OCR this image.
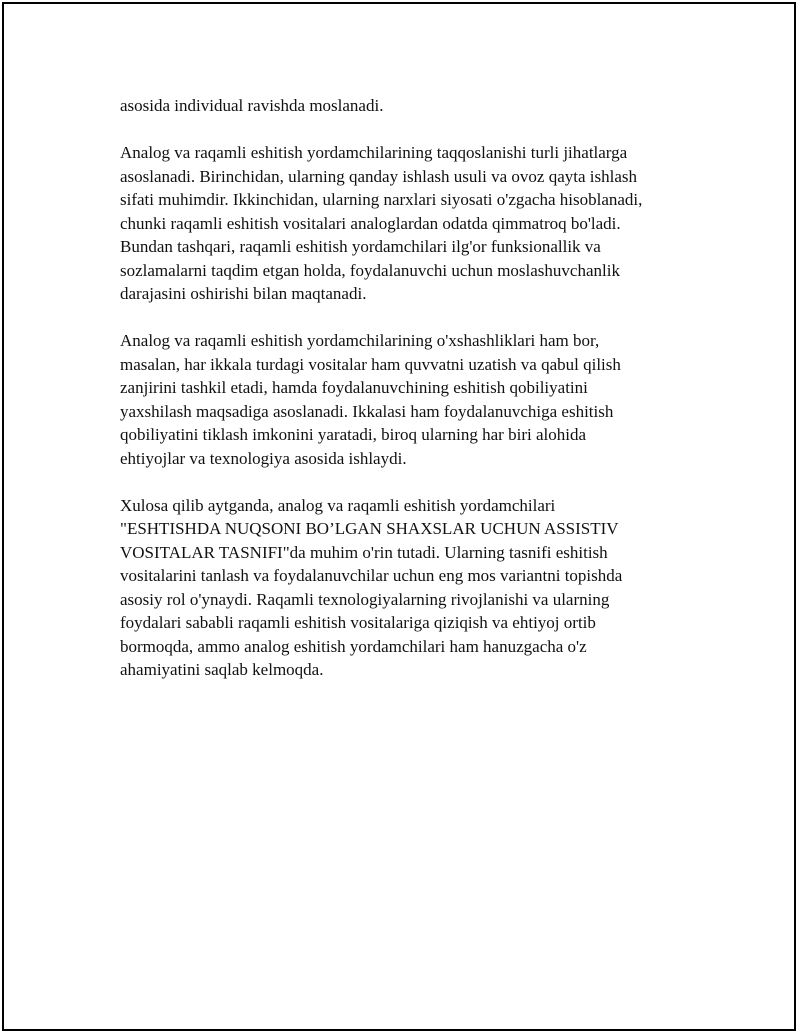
asosida individual ravishda moslanadi.

Analog va raqamli eshitish yordamchilarining taqqoslanishi turli jihatlarga
asoslanadi. Birinchidan, ularning qanday ishlash usuli va ovoz qayta ishlash
sifati muhimdir. Ikkinchidan, ularning narxlari siyosati o'zgacha hisoblanadi,
chunki raqamli eshitish vositalari analoglardan odatda qimmatroq bo'ladi.
Bundan tashqari, raqamli eshitish yordamchilari ilg'or funksionallik va
sozlamalarni taqdim etgan holda, foydalanuvchi uchun moslashuvchanlik
darajasini oshirishi bilan maqtanadi.

Analog va raqamli eshitish yordamchilarining o'xshashliklari ham bor,
masalan, har ikkala turdagi vositalar ham quvvatni uzatish va qabul qilish
zanjirini tashkil etadi, hamda foydalanuvchining eshitish qobiliyatini
yaxshilash maqsadiga asoslanadi. Ikkalasi ham foydalanuvchiga eshitish
qobiliyatini tiklash imkonini yaratadi, biroq ularning har biri alohida
ehtiyojlar va texnologiya asosida ishlaydi.

Xulosa qilib aytganda, analog va raqamli eshitish yordamchilari
"ESHTISHDA NUQSONI BO’LGAN SHAXSLAR UCHUN ASSISTIV
VOSITALAR TASNIFI"da muhim o'rin tutadi. Ularning tasnifi eshitish
vositalarini tanlash va foydalanuvchilar uchun eng mos variantni topishda
asosiy rol o'ynaydi. Raqamli texnologiyalarning rivojlanishi va ularning
foydalari sababli raqamli eshitish vositalariga qiziqish va ehtiyoj ortib
bormoqda, ammo analog eshitish yordamchilari ham hanuzgacha o'z
ahamiyatini saqlab kelmoqda.
